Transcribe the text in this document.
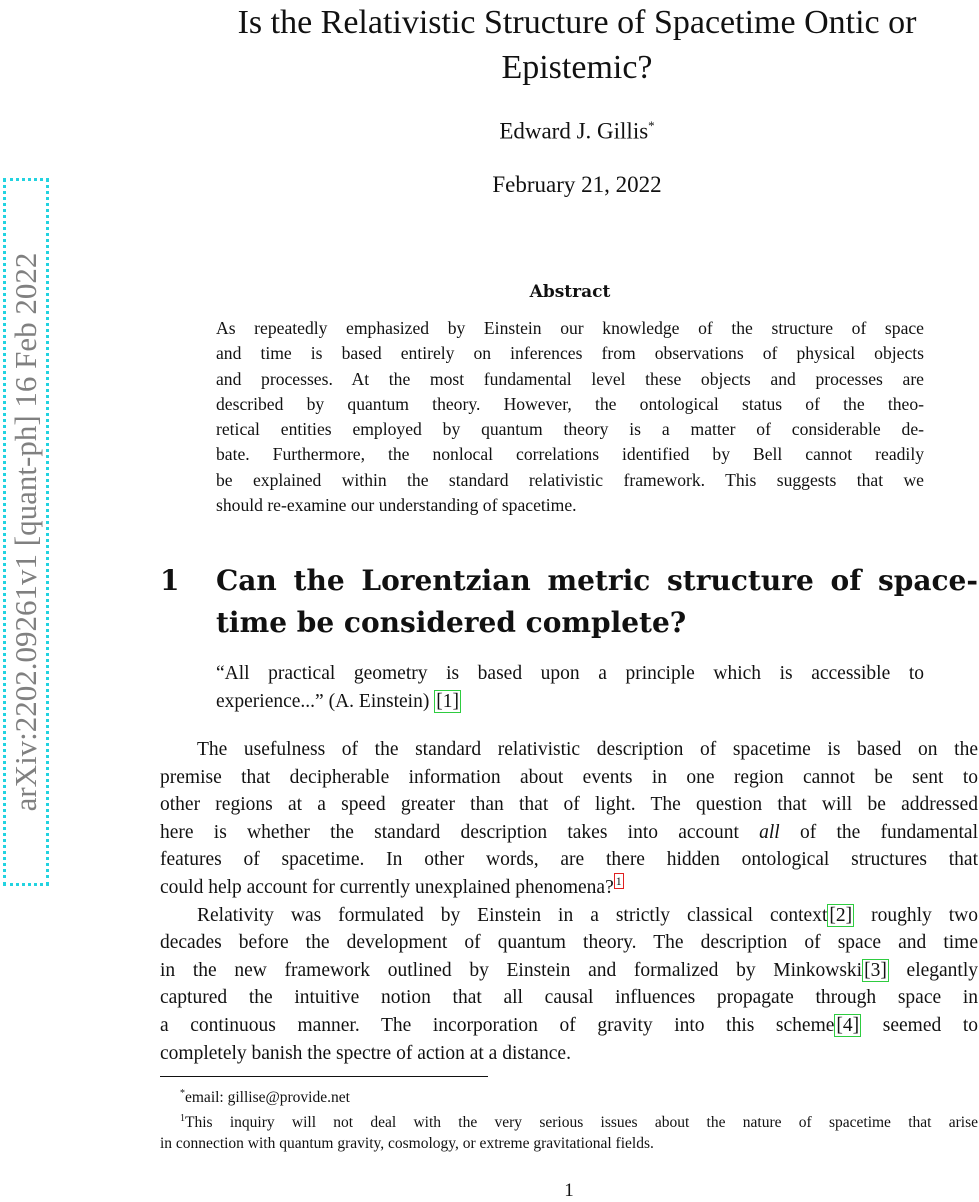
arXiv:2202.09261v1 [quant-ph] 16 Feb 2022
Is the Relativistic Structure of Spacetime Ontic or
Epistemic?
Edward J. Gillis*
February 21, 2022
Abstract
As repeatedly emphasized by Einstein our knowledge of the structure of space
and time is based entirely on inferences from observations of physical objects
and processes. At the most fundamental level these objects and processes are
described by quantum theory. However, the ontological status of the theo-
retical entities employed by quantum theory is a matter of considerable de-
bate. Furthermore, the nonlocal correlations identified by Bell cannot readily
be explained within the standard relativistic framework. This suggests that we
should re-examine our understanding of spacetime.
1 Can the Lorentzian metric structure of space-
time be considered complete?
“All practical geometry is based upon a principle which is accessible to
experience...” (A. Einstein) [1]
The usefulness of the standard relativistic description of spacetime is based on the
premise that decipherable information about events in one region cannot be sent to
other regions at a speed greater than that of light. The question that will be addressed
here is whether the standard description takes into account all of the fundamental
features of spacetime. In other words, are there hidden ontological structures that
could help account for currently unexplained phenomena? $^1$
Relativity was formulated by Einstein in a strictly classical context [2] roughly two
decades before the development of quantum theory. The description of space and time
in the new framework outlined by Einstein and formalized by Minkowski [3] elegantly
captured the intuitive notion that all causal influences propagate through space in
a continuous manner. The incorporation of gravity into this scheme [4] seemed to
completely banish the spectre of action at a distance.
*email: gillise@provide.net
$^1$This inquiry will not deal with the very serious issues about the nature of spacetime that arise
in connection with quantum gravity, cosmology, or extreme gravitational fields.
1
